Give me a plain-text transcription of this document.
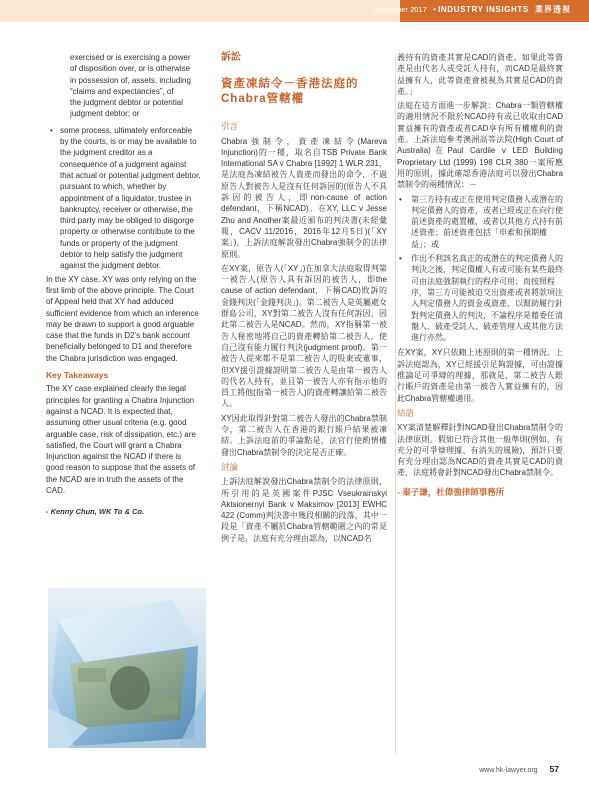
December 2017 • INDUSTRY INSIGHTS 業界透視
exercised or is exercising a power
of disposition over, or is otherwise
in possession of, assets, including
“claims and expectancies”, of
the judgment debtor or potential
judgment debtor; or
• some process, ultimately enforceable by the courts, is or may be available to the judgment creditor as a consequence of a judgment against that actual or potential judgment debtor, pursuant to which, whether by appointment of a liquidator, trustee in bankruptcy, receiver or otherwise, the third party may be obliged to disgorge property or otherwise contribute to the funds or property of the judgment debtor to help satisfy the judgment against the judgment debtor.

In the XY case, XY was only relying on the first limb of the above principle. The Court of Appeal held that XY had adduced sufficient evidence from which an inference may be drawn to support a good arguable case that the funds in D2’s bank account beneficially belonged to D1 and therefore the Chabra jurisdiction was engaged.

Key Takeaways

The XY case explained clearly the legal principles for granting a Chabra Injunction against a NCAD. It is expected that, assuming other usual criteria (e.g. good arguable case, risk of dissipation, etc.) are satisfied, the Court will grant a Chabra Injunction against the NCAD if there is good reason to suppose that the assets of the NCAD are in truth the assets of the CAD.

- Kenny Chun, WK To & Co.
訴訟
資產凍結令－香港法庭的Chabra管轄權
引言

Chabra強制令，資產凍結令(Mareva Injunction)的一種，取名自TSB Private Bank International SA v Chabra [1992] 1 WLR 231，是法庭為凍結被告人資產而發出的命令，不過原告人對被告人是沒有任何訴因的(原告人不具訴因的被告人，即non-cause of action defendant，下稱NCAD)。在XY, LLC v Jesse Zhu and Another案最近頒布的判決書(未經彙報，CACV 11/2016，2016年12月5日)(「XY案」)，上訴法庭解說發出Chabra強制令的法律原則。

在XY案，原告人(「XY」)在加拿大法庭取得判第一被告人(原告人具有訴因的被告人，即the cause of action defendant，下稱CAD)敗訴的金錢判決(「金錢判決」)。第二被告人是英屬處女群島公司，XY對第二被告人沒有任何訴因，因此第二被告人是NCAD。然而，XY指稱第一被告人秘密地將自己的資產轉給第二被告人，使自己沒有能力履行判決(judgment proof)。第一被告人從來都不是第二被告人的股東或董事，但XY援引證據證明第二被告人是由第一被告人的代名人持有，並且第一被告人亦有指示他的員工將他(指第一被告人)的資產轉讓給第二被告人。

XY因此取得針對第二被告人發出的Chabra禁制令，第二被告人在香港的銀行賬戶結果被凍結。上訴法庭前的爭論點是，法官行使酌情權發出Chabra禁制令的決定是否正確。

討論

上訴法庭解說發出Chabra禁制令的法律原則，所引用的是英國案件PJSC Vseukrainskyi Aktsionernyi Bank v Maksimov [2013] EWHC 422 (Comm)判決書中幾段相關的段落，其中一段是「資產不屬於Chabra管轄範圍之內的常見例子是，法庭有充分理由認為，以NCAD名

義持有的資產其實是CAD的資產。如果此等資產是由代名人或受託人持有，而CAD是最終實益擁有人，此等資產會被視為其實是CAD的資產。」

法庭在這方面進一步解說：Chabra一類管轄權的適用情況不限於NCAD持有或已收取由CAD實益擁有的資產或者CAD享有所有權權利的資產。上訴法庭參考澳洲高等法院(High Court of Australia)在Paul Cardile v LED Building Proprietary Ltd (1999) 198 CLR 380一案所應用的原則，據此確認香港法庭可以發出Chabra禁制令的兩種情況：－

• 第三方持有或正在使用判定債務人或潛在的判定債務人的資產，或者已經或正在向行使前述資產的處置權，或者以其他方式持有前述資產；前述資產包括「申索和預期權益」；或
• 作出不利該名真正的或潛在的判定債務人的判決之後，判定債權人有或可能有某些最終可由法庭強制執行的程序可用；而按照程序，第三方可能被迫交出資產或者將款項注入判定債務人的資金或資產，以幫助履行針對判定債務人的判決，不論程序是藉委任清盤人、破產受託人、破產管理人或其他方法進行亦然。

在XY案，XY只依賴上述原則的第一種情況。上訴法庭認為，XY已經援引足夠證據，可由證據推論足可爭辯的理據，那就是，第二被告人銀行賬戶的資產是由第一被告人實益擁有的，因此Chabra管轄權適用。

結語

XY案清楚解釋針對NCAD發出Chabra禁制令的法律原則。假如已符合其他一般準則(例如，有充分的可爭辯理據、有消失的風險)，預計只要有充分理由認為NCAD的資產其實是CAD的資產，法庭將會針對NCAD發出Chabra禁制令。

- 秦子謙，杜偉強律師事務所
www.hk-lawyer.org 57
